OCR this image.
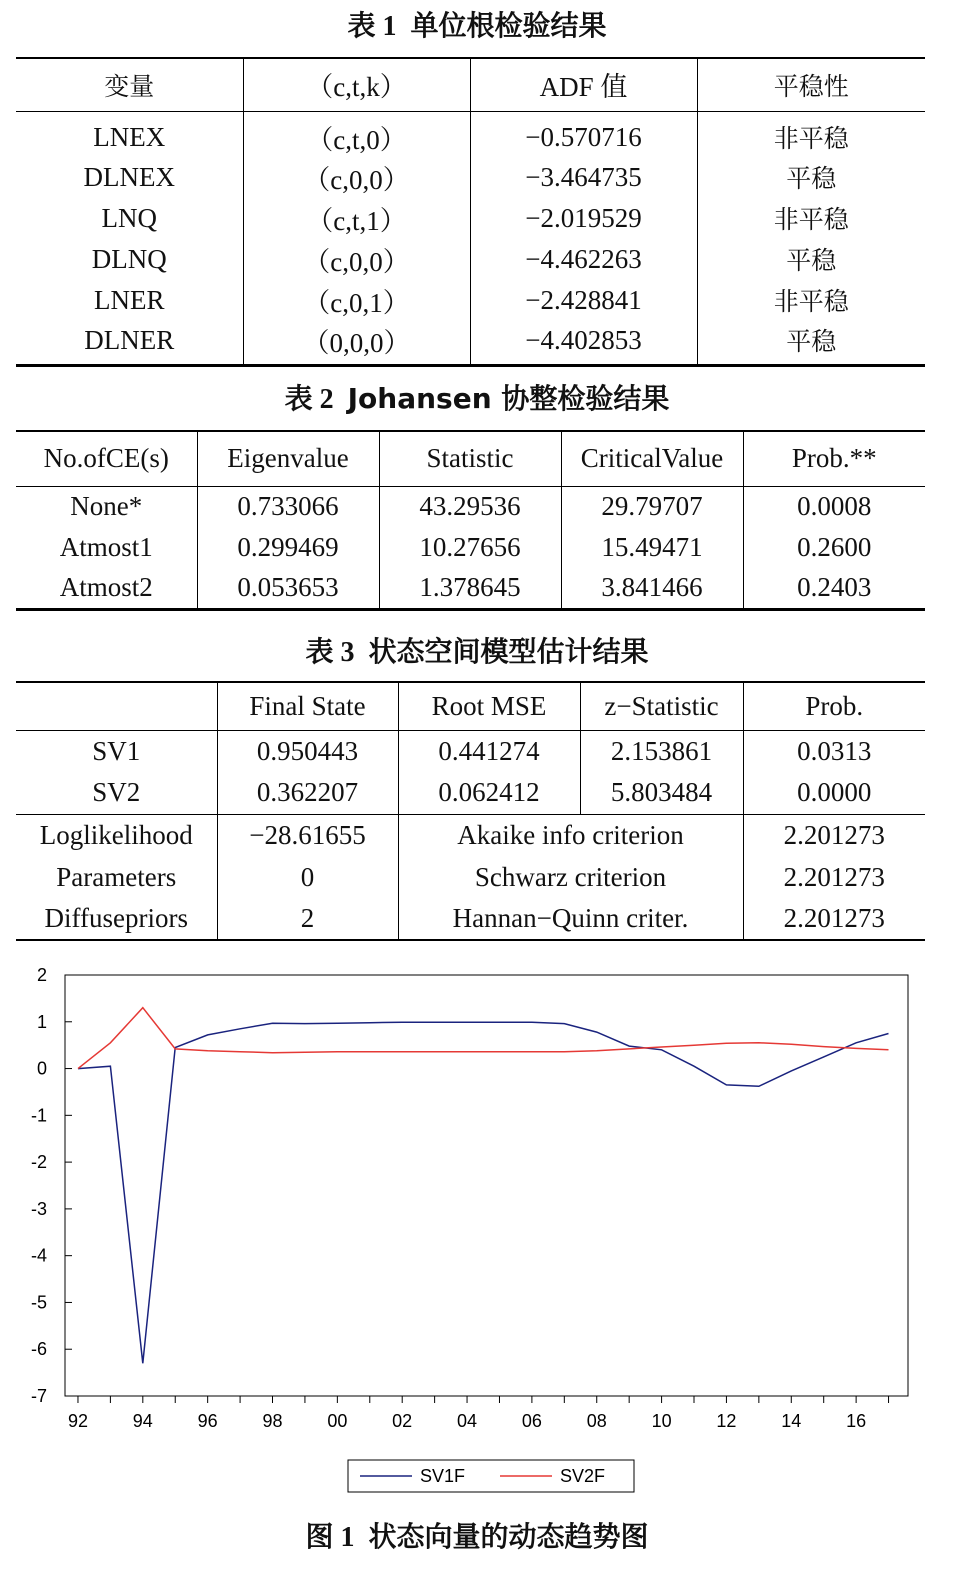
表 1 单位根检验结果
变量	（c,t,k）	ADF 值	平稳性
LNEX	（c,t,0）	−0.570716	非平稳
DLNEX	（c,0,0）	−3.464735	平稳
LNQ	（c,t,1）	−2.019529	非平稳
DLNQ	（c,0,0）	−4.462263	平稳
LNER	（c,0,1）	−2.428841	非平稳
DLNER	（0,0,0）	−4.402853	平稳
表 2 Johansen 协整检验结果
No.ofCE(s)	Eigenvalue	Statistic	CriticalValue	Prob.**
None*	0.733066	43.29536	29.79707	0.0008
Atmost1	0.299469	10.27656	15.49471	0.2600
Atmost2	0.053653	1.378645	3.841466	0.2403
表 3 状态空间模型估计结果
	Final State	Root MSE	z−Statistic	Prob.
SV1	0.950443	0.441274	2.153861	0.0313
SV2	0.362207	0.062412	5.803484	0.0000
Loglikelihood	−28.61655	Akaike info criterion		2.201273
Parameters	0	Schwarz criterion		2.201273
Diffusepriors	2	Hannan−Quinn criter.		2.201273
2
1
0
-1
-2
-3
-4
-5
-6
-7
92 94 96 98 00 02 04 06 08 10 12 14 16
SV1F	SV2F
图 1 状态向量的动态趋势图
